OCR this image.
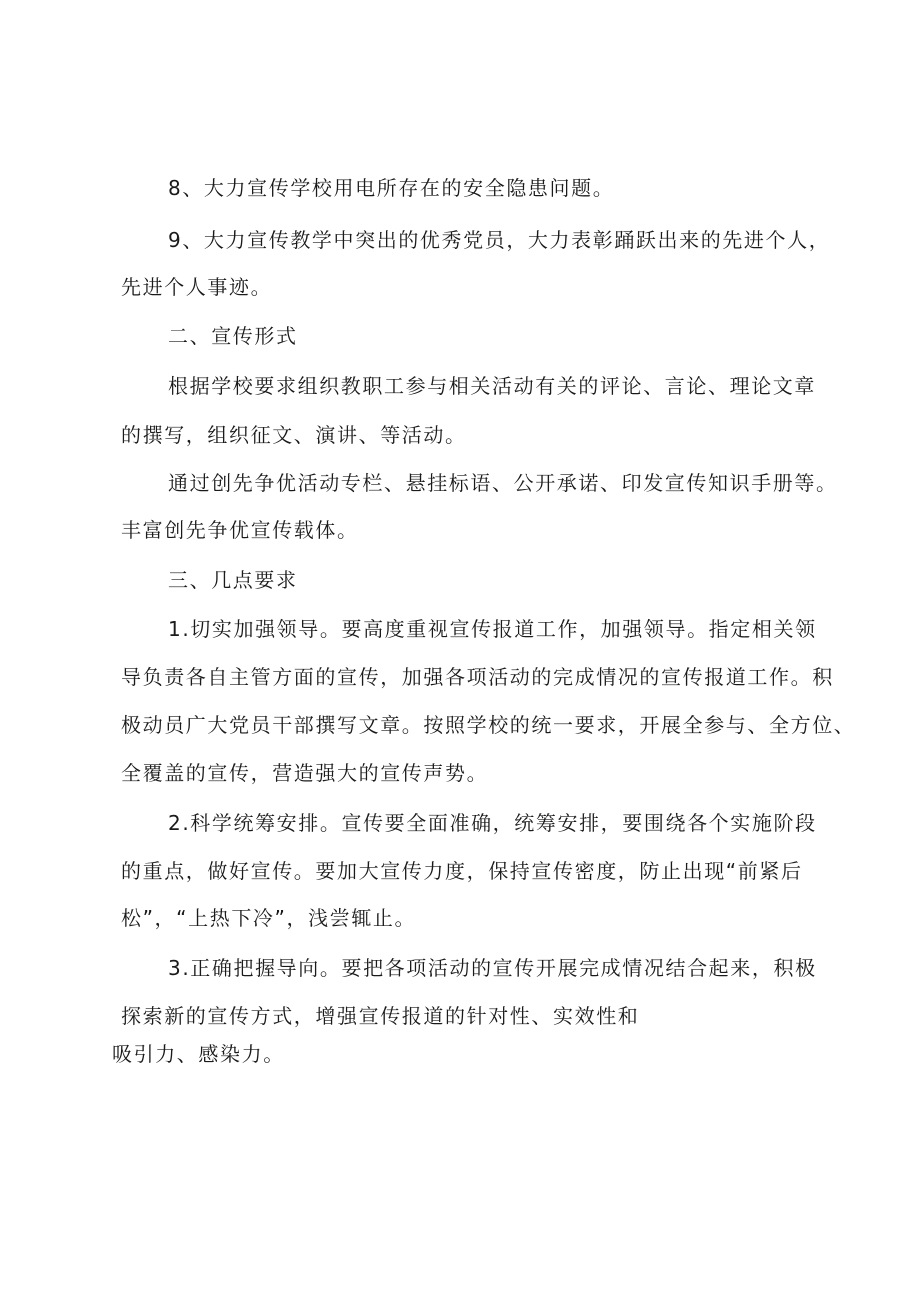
8、大力宣传学校用电所存在的安全隐患问题。
9、大力宣传教学中突出的优秀党员，大力表彰踊跃出来的先进个人，
先进个人事迹。
二、宣传形式
根据学校要求组织教职工参与相关活动有关的评论、言论、理论文章
的撰写，组织征文、演讲、等活动。
通过创先争优活动专栏、悬挂标语、公开承诺、印发宣传知识手册等。
丰富创先争优宣传载体。
三、几点要求
1.切实加强领导。要高度重视宣传报道工作，加强领导。指定相关领
导负责各自主管方面的宣传，加强各项活动的完成情况的宣传报道工作。积
极动员广大党员干部撰写文章。按照学校的统一要求，开展全参与、全方位、
全覆盖的宣传，营造强大的宣传声势。
2.科学统筹安排。宣传要全面准确，统筹安排，要围绕各个实施阶段
的重点，做好宣传。要加大宣传力度，保持宣传密度，防止出现“前紧后
松”，“上热下冷”，浅尝辄止。
3.正确把握导向。要把各项活动的宣传开展完成情况结合起来，积极
探索新的宣传方式，增强宣传报道的针对性、实效性和
吸引力、感染力。
